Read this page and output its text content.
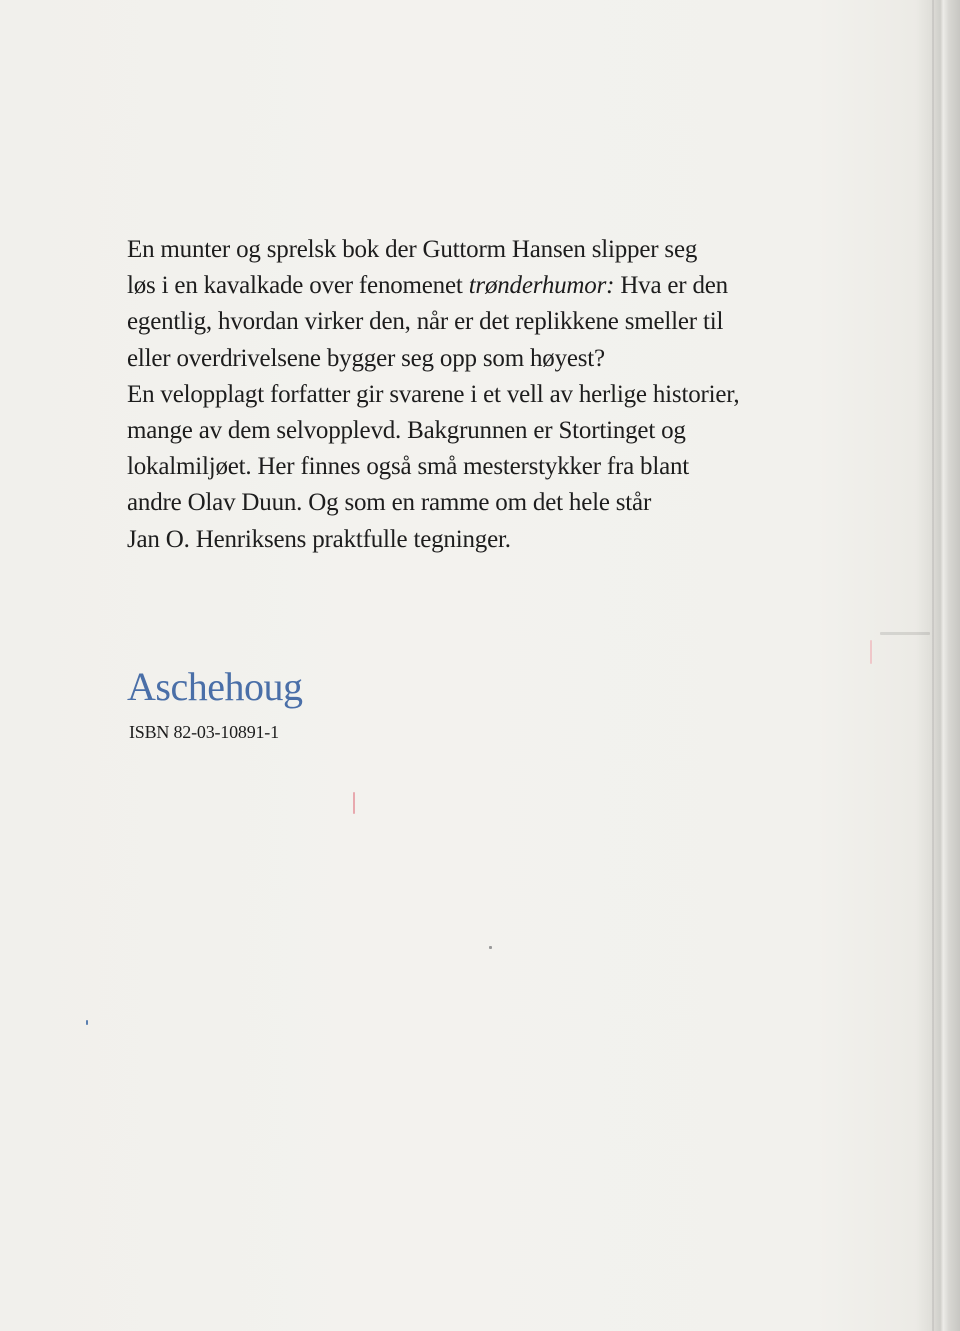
En munter og sprelsk bok der Guttorm Hansen slipper seg
løs i en kavalkade over fenomenet trønderhumor: Hva er den
egentlig, hvordan virker den, når er det replikkene smeller til
eller overdrivelsene bygger seg opp som høyest?
En velopplagt forfatter gir svarene i et vell av herlige historier,
mange av dem selvopplevd. Bakgrunnen er Stortinget og
lokalmiljøet. Her finnes også små mesterstykker fra blant
andre Olav Duun. Og som en ramme om det hele står
Jan O. Henriksens praktfulle tegninger.

Aschehoug

ISBN 82-03-10891-1
